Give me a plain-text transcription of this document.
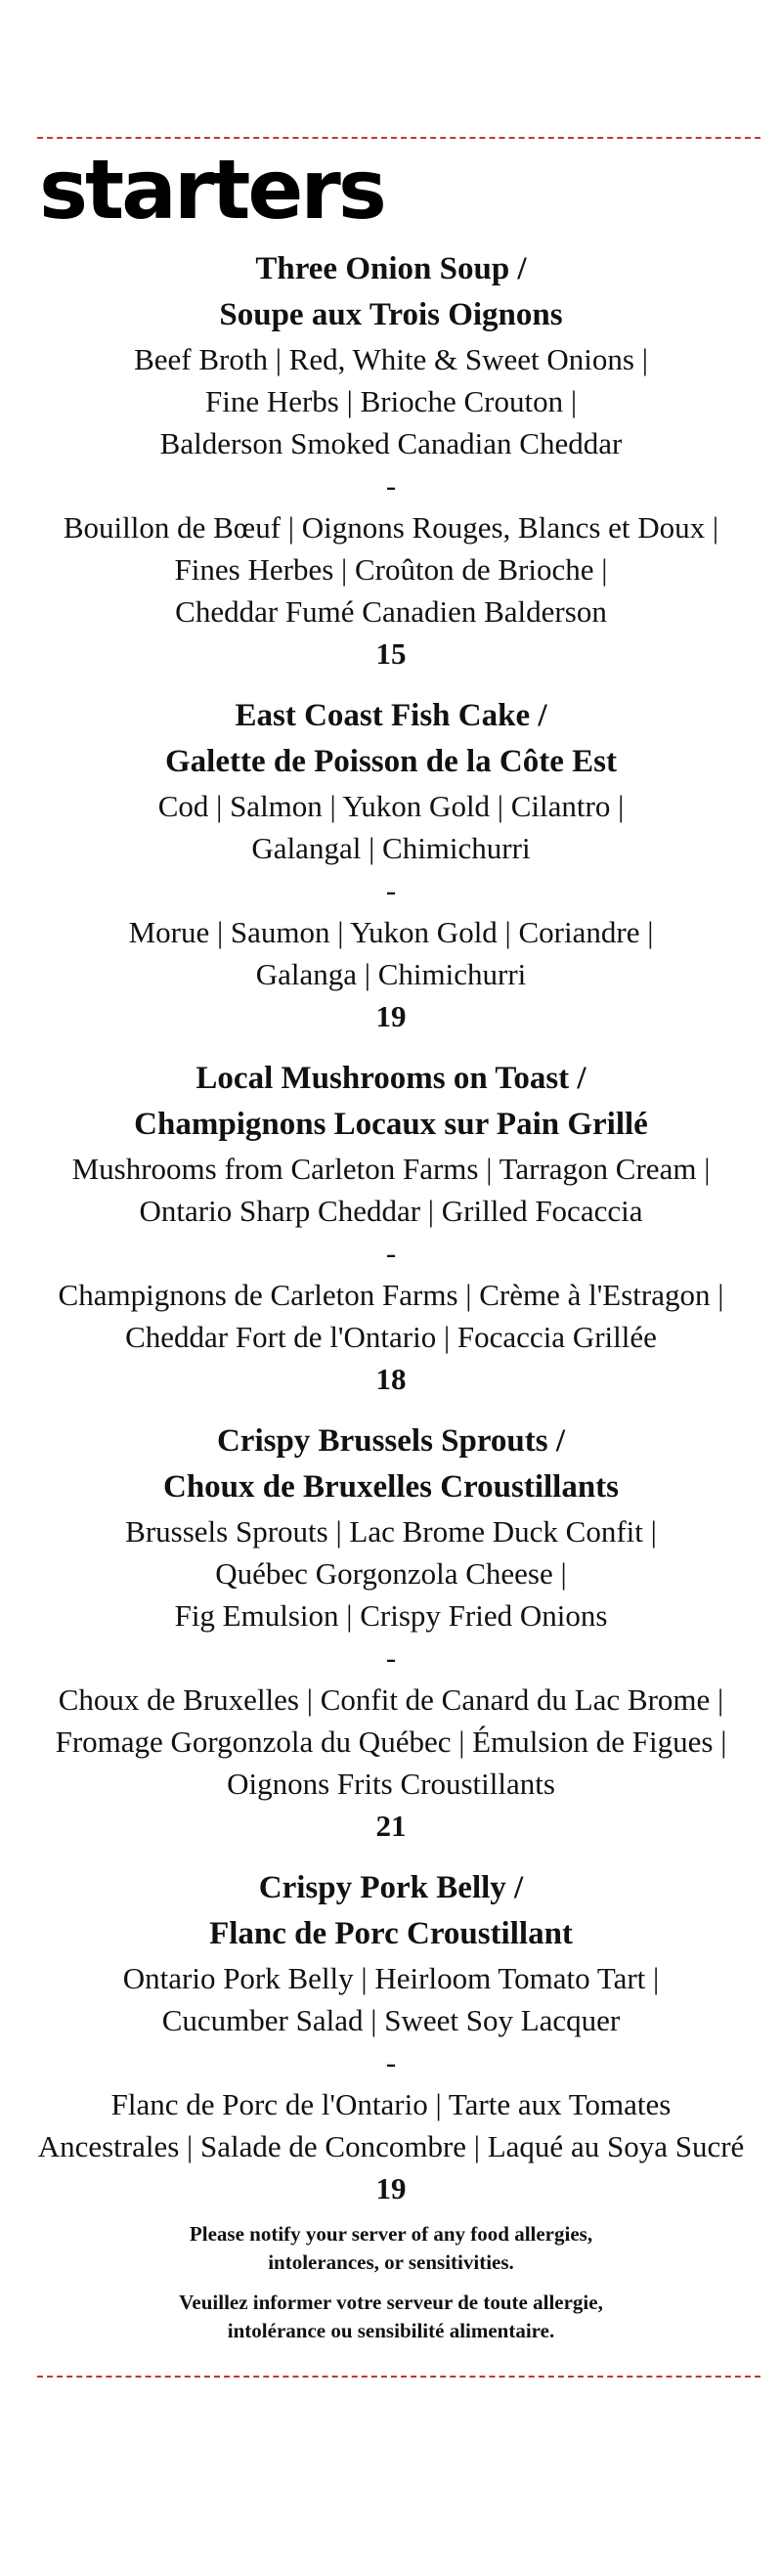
starters

Three Onion Soup /
Soupe aux Trois Oignons

Beef Broth | Red, White & Sweet Onions |
Fine Herbs | Brioche Crouton |
Balderson Smoked Canadian Cheddar

-

Bouillon de Bœuf | Oignons Rouges, Blancs et Doux |
Fines Herbes | Croûton de Brioche |
Cheddar Fumé Canadien Balderson

15

East Coast Fish Cake /
Galette de Poisson de la Côte Est

Cod | Salmon | Yukon Gold | Cilantro |
Galangal | Chimichurri

-

Morue | Saumon | Yukon Gold | Coriandre |
Galanga | Chimichurri

19

Local Mushrooms on Toast /
Champignons Locaux sur Pain Grillé

Mushrooms from Carleton Farms | Tarragon Cream |
Ontario Sharp Cheddar | Grilled Focaccia

-

Champignons de Carleton Farms | Crème à l'Estragon |
Cheddar Fort de l'Ontario | Focaccia Grillée

18

Crispy Brussels Sprouts /
Choux de Bruxelles Croustillants

Brussels Sprouts | Lac Brome Duck Confit |
Québec Gorgonzola Cheese |
Fig Emulsion | Crispy Fried Onions

-

Choux de Bruxelles | Confit de Canard du Lac Brome |
Fromage Gorgonzola du Québec | Émulsion de Figues |
Oignons Frits Croustillants

21

Crispy Pork Belly /
Flanc de Porc Croustillant

Ontario Pork Belly | Heirloom Tomato Tart |
Cucumber Salad | Sweet Soy Lacquer

-

Flanc de Porc de l'Ontario | Tarte aux Tomates
Ancestrales | Salade de Concombre | Laqué au Soya Sucré

19

Please notify your server of any food allergies,
intolerances, or sensitivities.

Veuillez informer votre serveur de toute allergie,
intolérance ou sensibilité alimentaire.
